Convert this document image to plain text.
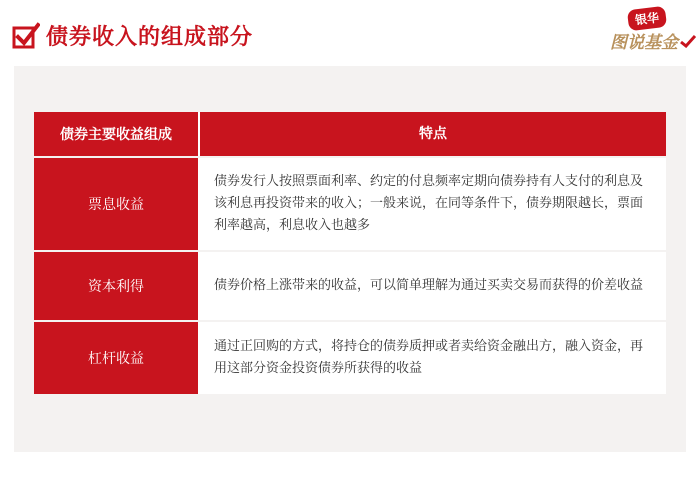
债券收入的组成部分
银华
图说基金
债券主要收益组成	特点
票息收益
债券发行人按照票面利率、约定的付息频率定期向债券持有人支付的利息及该利息再投资带来的收入；一般来说，在同等条件下，债券期限越长，票面利率越高，利息收入也越多
资本利得	债券价格上涨带来的收益，可以简单理解为通过买卖交易而获得的价差收益
杠杆收益
通过正回购的方式，将持仓的债券质押或者卖给资金融出方，融入资金，再用这部分资金投资债券所获得的收益
